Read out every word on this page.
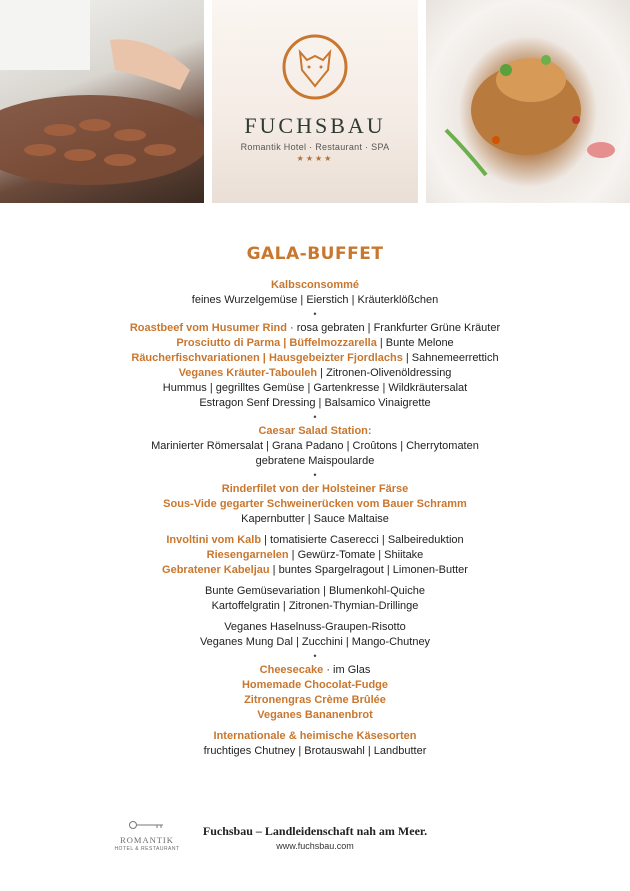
FUCHSBAU
Romantik Hotel · Restaurant · SPA
★★★★
GALA-BUFFET
Kalbsconsommé
feines Wurzelgemüse | Eierstich | Kräuterklößchen
•
Roastbeef vom Husumer Rind · rosa gebraten | Frankfurter Grüne Kräuter
Prosciutto di Parma | Büffelmozzarella | Bunte Melone
Räucherfischvariationen | Hausgebeizter Fjordlachs | Sahnemeerrettich
Veganes Kräuter-Tabouleh | Zitronen-Olivenöldressing
Hummus | gegrilltes Gemüse | Gartenkresse | Wildkräutersalat
Estragon Senf Dressing | Balsamico Vinaigrette
•
Caesar Salad Station:
Marinierter Römersalat | Grana Padano | Croûtons | Cherrytomaten
gebratene Maispoularde
•
Rinderfilet von der Holsteiner Färse
Sous-Vide gegarter Schweinerücken vom Bauer Schramm
Kapernbutter | Sauce Maltaise
Involtini vom Kalb | tomatisierte Caserecci | Salbeireduktion
Riesengarnelen | Gewürz-Tomate | Shiitake
Gebratener Kabeljau | buntes Spargelragout | Limonen-Butter
Bunte Gemüsevariation | Blumenkohl-Quiche
Kartoffelgratin | Zitronen-Thymian-Drillinge
Veganes Haselnuss-Graupen-Risotto
Veganes Mung Dal | Zucchini | Mango-Chutney
•
Cheesecake · im Glas
Homemade Chocolat-Fudge
Zitronengras Crème Brûlée
Veganes Bananenbrot
Internationale & heimische Käsesorten
fruchtiges Chutney | Brotauswahl | Landbutter
ROMANTIK
HOTEL & RESTAURANT
Fuchsbau – Landleidenschaft nah am Meer.
www.fuchsbau.com
